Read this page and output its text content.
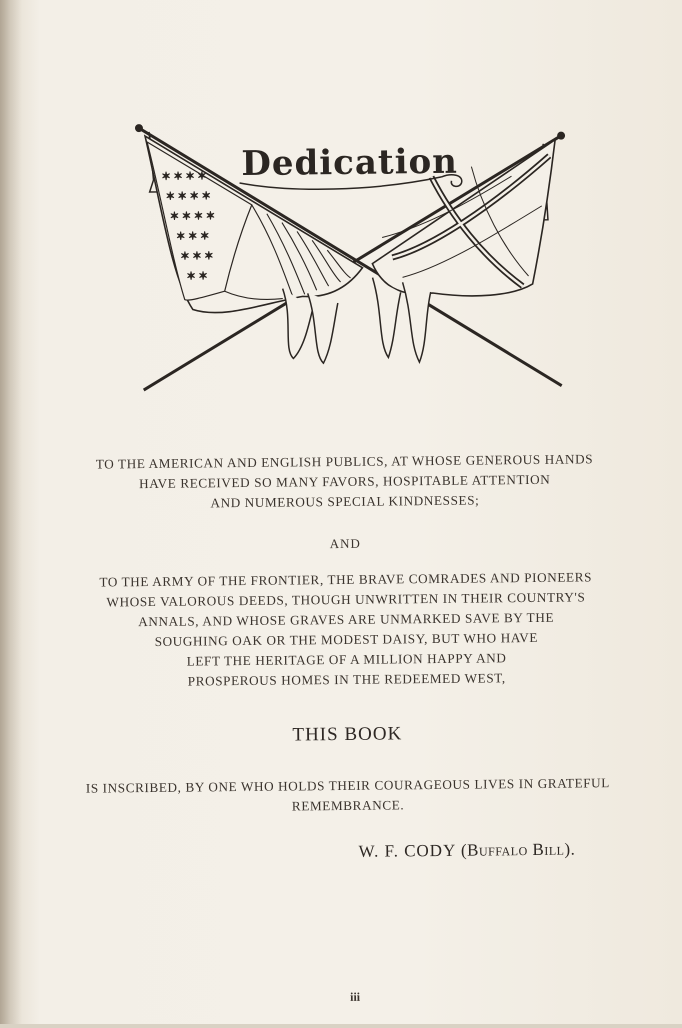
✶ ✶ ✶ ✶
✶ ✶ ✶ ✶
✶ ✶ ✶ ✶
✶ ✶ ✶
✶ ✶ ✶
✶ ✶
Dedication
TO THE AMERICAN AND ENGLISH PUBLICS, AT WHOSE GENEROUS HANDS
HAVE RECEIVED SO MANY FAVORS, HOSPITABLE ATTENTION
AND NUMEROUS SPECIAL KINDNESSES;
AND
TO THE ARMY OF THE FRONTIER, THE BRAVE COMRADES AND PIONEERS
WHOSE VALOROUS DEEDS, THOUGH UNWRITTEN IN THEIR COUNTRY'S
ANNALS, AND WHOSE GRAVES ARE UNMARKED SAVE BY THE
SOUGHING OAK OR THE MODEST DAISY, BUT WHO HAVE
LEFT THE HERITAGE OF A MILLION HAPPY AND
PROSPEROUS HOMES IN THE REDEEMED WEST,
THIS BOOK
IS INSCRIBED, BY ONE WHO HOLDS THEIR COURAGEOUS LIVES IN GRATEFUL
REMEMBRANCE.
W. F. CODY (Buffalo Bill).
iii
